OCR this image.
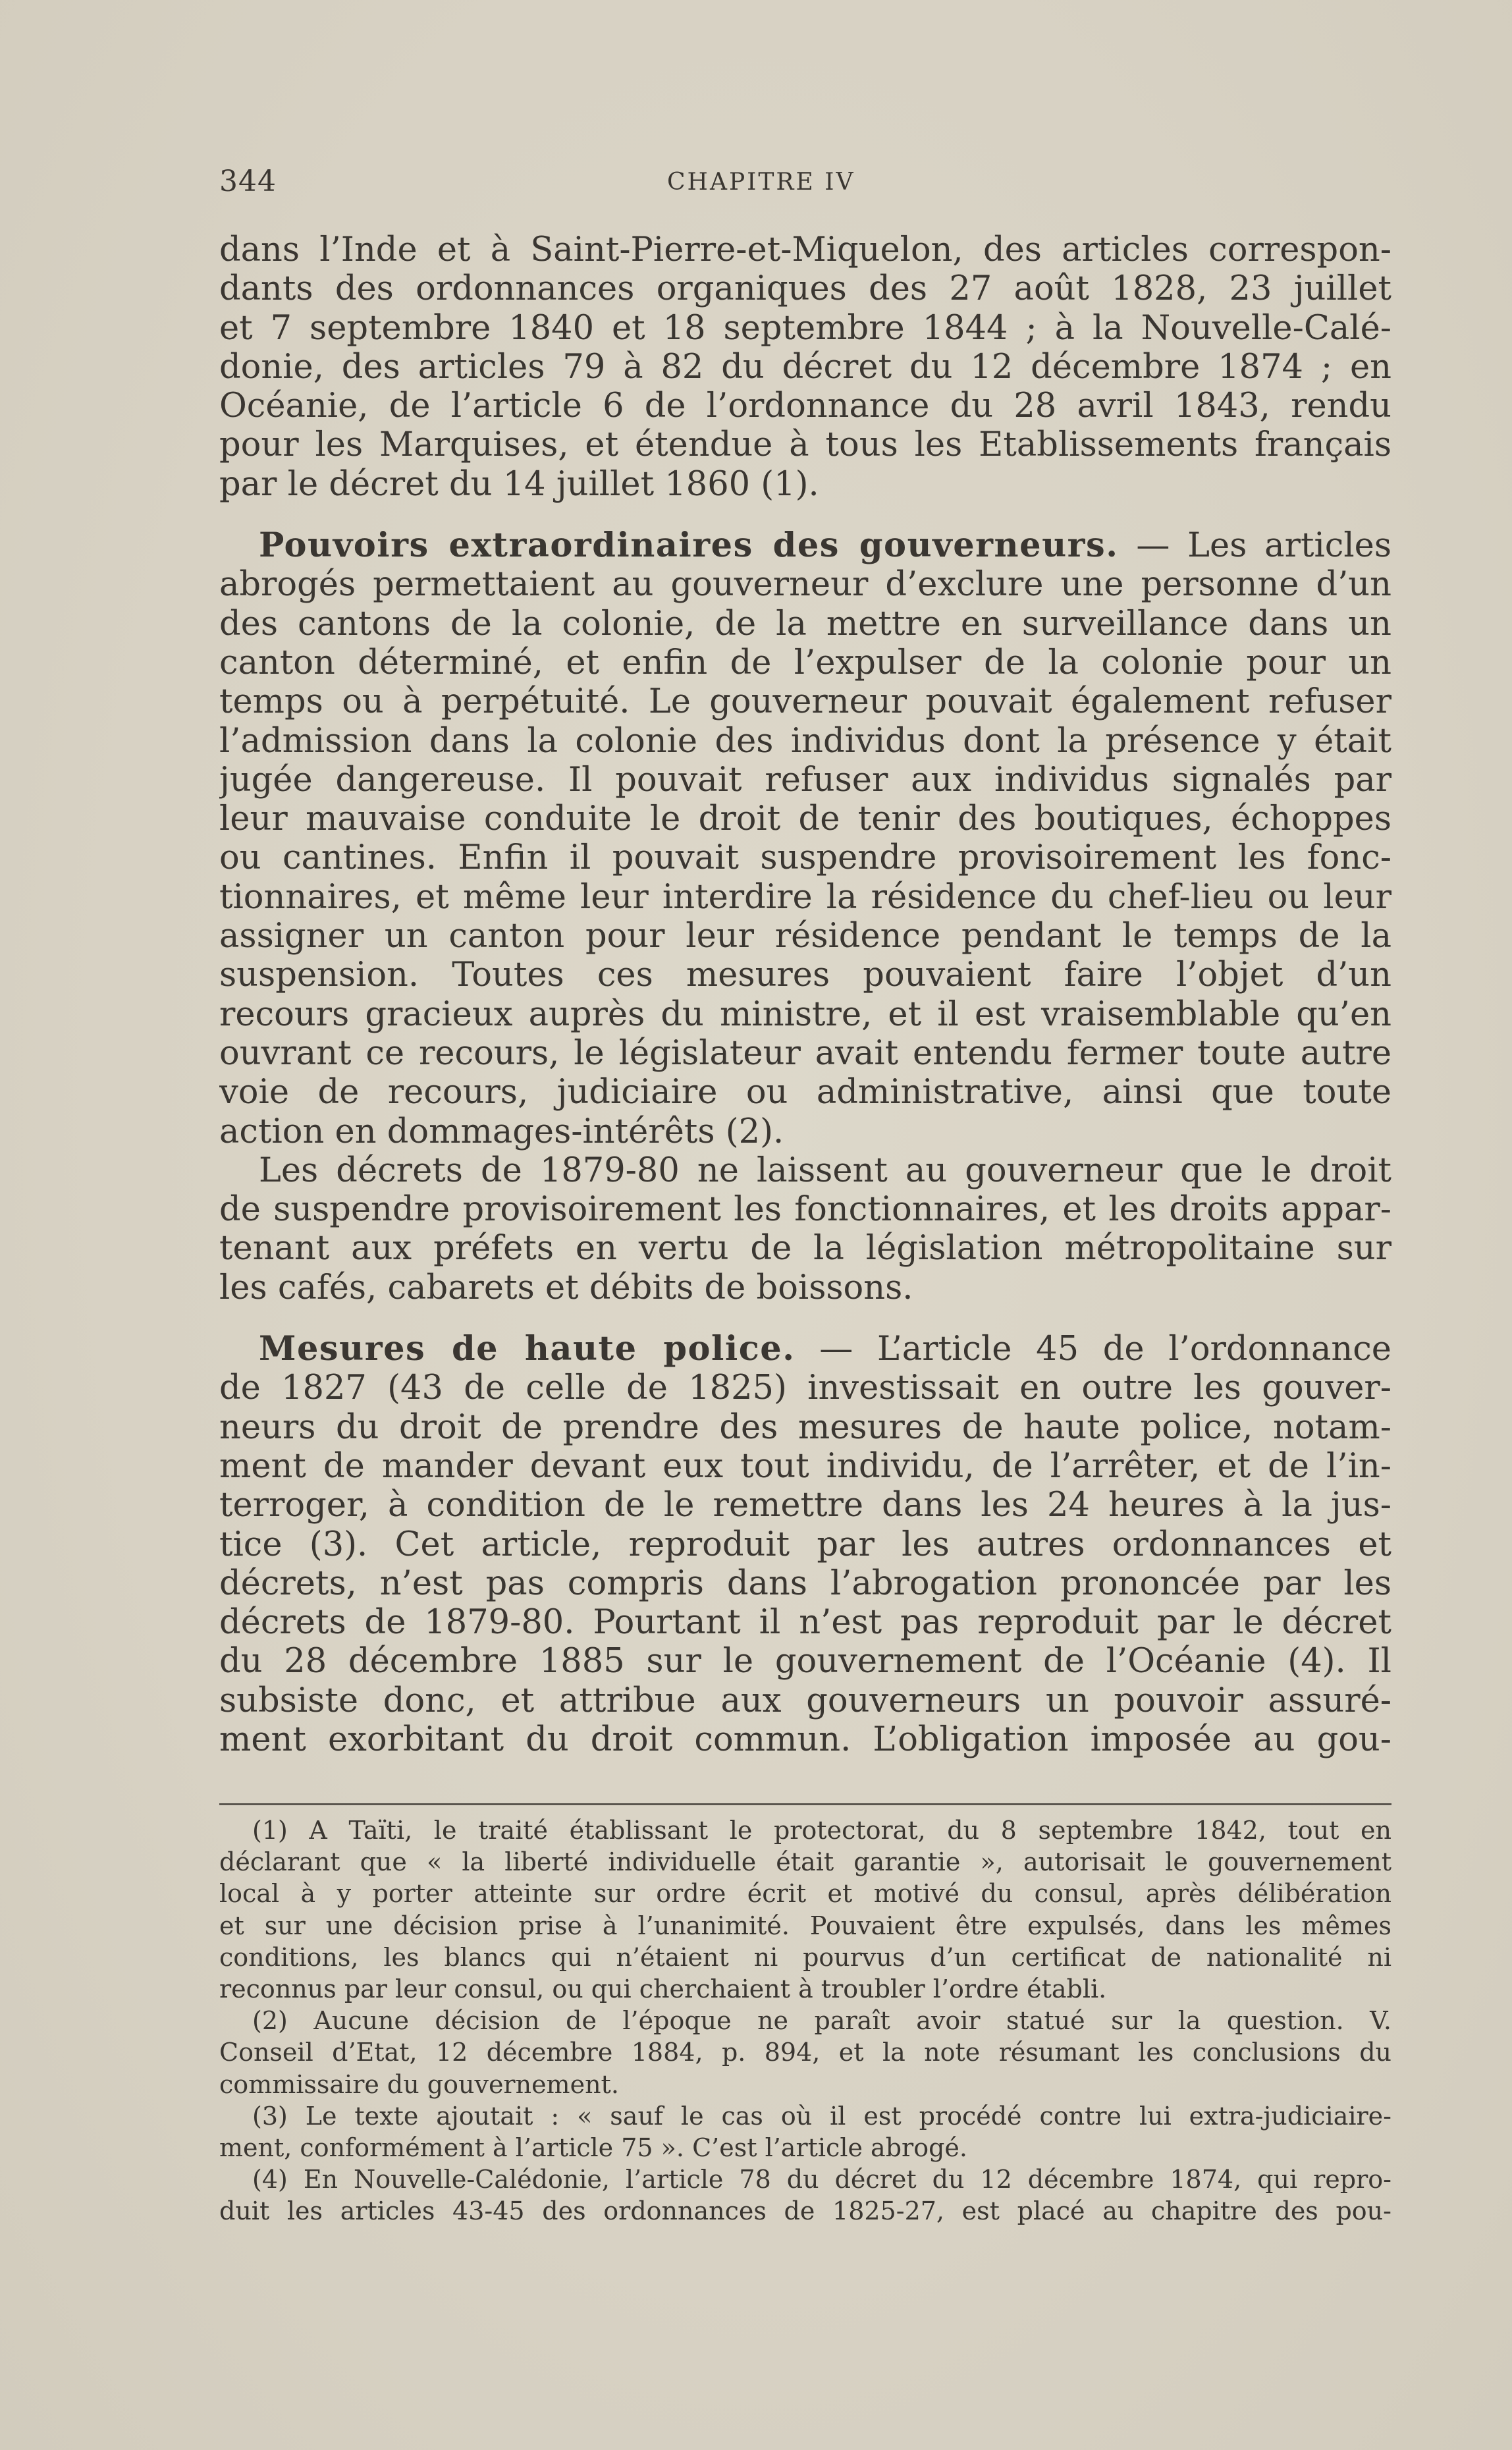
344	CHAPITRE IV
dans l’Inde et à Saint-Pierre-et-Miquelon, des articles correspon-
dants des ordonnances organiques des 27 août 1828, 23 juillet
et 7 septembre 1840 et 18 septembre 1844 ; à la Nouvelle-Calé-
donie, des articles 79 à 82 du décret du 12 décembre 1874 ; en
Océanie, de l’article 6 de l’ordonnance du 28 avril 1843, rendu
pour les Marquises, et étendue à tous les Etablissements français
par le décret du 14 juillet 1860 (1).
Pouvoirs extraordinaires des gouverneurs. — Les articles
abrogés permettaient au gouverneur d’exclure une personne d’un
des cantons de la colonie, de la mettre en surveillance dans un
canton déterminé, et enfin de l’expulser de la colonie pour un
temps ou à perpétuité. Le gouverneur pouvait également refuser
l’admission dans la colonie des individus dont la présence y était
jugée dangereuse. Il pouvait refuser aux individus signalés par
leur mauvaise conduite le droit de tenir des boutiques, échoppes
ou cantines. Enfin il pouvait suspendre provisoirement les fonc-
tionnaires, et même leur interdire la résidence du chef-lieu ou leur
assigner un canton pour leur résidence pendant le temps de la
suspension. Toutes ces mesures pouvaient faire l’objet d’un
recours gracieux auprès du ministre, et il est vraisemblable qu’en
ouvrant ce recours, le législateur avait entendu fermer toute autre
voie de recours, judiciaire ou administrative, ainsi que toute
action en dommages-intérêts (2).
Les décrets de 1879-80 ne laissent au gouverneur que le droit
de suspendre provisoirement les fonctionnaires, et les droits appar-
tenant aux préfets en vertu de la législation métropolitaine sur
les cafés, cabarets et débits de boissons.
Mesures de haute police. — L’article 45 de l’ordonnance
de 1827 (43 de celle de 1825) investissait en outre les gouver-
neurs du droit de prendre des mesures de haute police, notam-
ment de mander devant eux tout individu, de l’arrêter, et de l’in-
terroger, à condition de le remettre dans les 24 heures à la jus-
tice (3). Cet article, reproduit par les autres ordonnances et
décrets, n’est pas compris dans l’abrogation prononcée par les
décrets de 1879-80. Pourtant il n’est pas reproduit par le décret
du 28 décembre 1885 sur le gouvernement de l’Océanie (4). Il
subsiste donc, et attribue aux gouverneurs un pouvoir assuré-
ment exorbitant du droit commun. L’obligation imposée au gou-
(1) A Taïti, le traité établissant le protectorat, du 8 septembre 1842, tout en
déclarant que « la liberté individuelle était garantie », autorisait le gouvernement
local à y porter atteinte sur ordre écrit et motivé du consul, après délibération
et sur une décision prise à l’unanimité. Pouvaient être expulsés, dans les mêmes
conditions, les blancs qui n’étaient ni pourvus d’un certificat de nationalité ni
reconnus par leur consul, ou qui cherchaient à troubler l’ordre établi.
(2) Aucune décision de l’époque ne paraît avoir statué sur la question. V.
Conseil d’Etat, 12 décembre 1884, p. 894, et la note résumant les conclusions du
commissaire du gouvernement.
(3) Le texte ajoutait : « sauf le cas où il est procédé contre lui extra-judiciaire-
ment, conformément à l’article 75 ». C’est l’article abrogé.
(4) En Nouvelle-Calédonie, l’article 78 du décret du 12 décembre 1874, qui repro-
duit les articles 43-45 des ordonnances de 1825-27, est placé au chapitre des pou-
